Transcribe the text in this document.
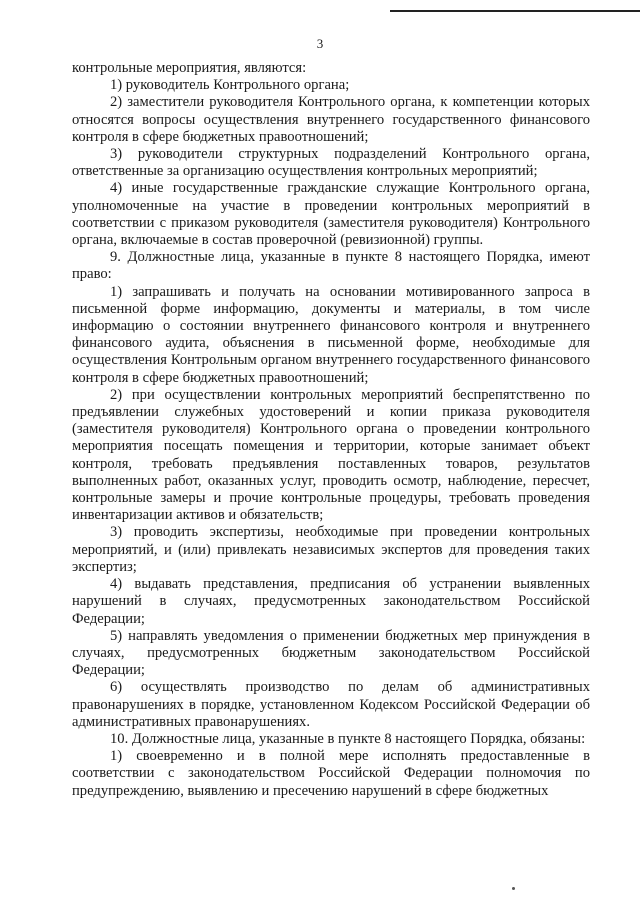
3

контрольные мероприятия, являются:

1) руководитель Контрольного органа;

2) заместители руководителя Контрольного органа, к компетенции которых относятся вопросы осуществления внутреннего государственного финансового контроля в сфере бюджетных правоотношений;

3) руководители структурных подразделений Контрольного органа, ответственные за организацию осуществления контрольных мероприятий;

4) иные государственные гражданские служащие Контрольного органа, уполномоченные на участие в проведении контрольных мероприятий в соответствии с приказом руководителя (заместителя руководителя) Контрольного органа, включаемые в состав проверочной (ревизионной) группы.

9. Должностные лица, указанные в пункте 8 настоящего Порядка, имеют право:

1) запрашивать и получать на основании мотивированного запроса в письменной форме информацию, документы и материалы, в том числе информацию о состоянии внутреннего финансового контроля и внутреннего финансового аудита, объяснения в письменной форме, необходимые для осуществления Контрольным органом внутреннего государственного финансового контроля в сфере бюджетных правоотношений;

2) при осуществлении контрольных мероприятий беспрепятственно по предъявлении служебных удостоверений и копии приказа руководителя (заместителя руководителя) Контрольного органа о проведении контрольного мероприятия посещать помещения и территории, которые занимает объект контроля, требовать предъявления поставленных товаров, результатов выполненных работ, оказанных услуг, проводить осмотр, наблюдение, пересчет, контрольные замеры и прочие контрольные процедуры, требовать проведения инвентаризации активов и обязательств;

3) проводить экспертизы, необходимые при проведении контрольных мероприятий, и (или) привлекать независимых экспертов для проведения таких экспертиз;

4) выдавать представления, предписания об устранении выявленных нарушений в случаях, предусмотренных законодательством Российской Федерации;

5) направлять уведомления о применении бюджетных мер принуждения в случаях, предусмотренных бюджетным законодательством Российской Федерации;

6) осуществлять производство по делам об административных правонарушениях в порядке, установленном Кодексом Российской Федерации об административных правонарушениях.

10. Должностные лица, указанные в пункте 8 настоящего Порядка, обязаны:

1) своевременно и в полной мере исполнять предоставленные в соответствии с законодательством Российской Федерации полномочия по предупреждению, выявлению и пресечению нарушений в сфере бюджетных
